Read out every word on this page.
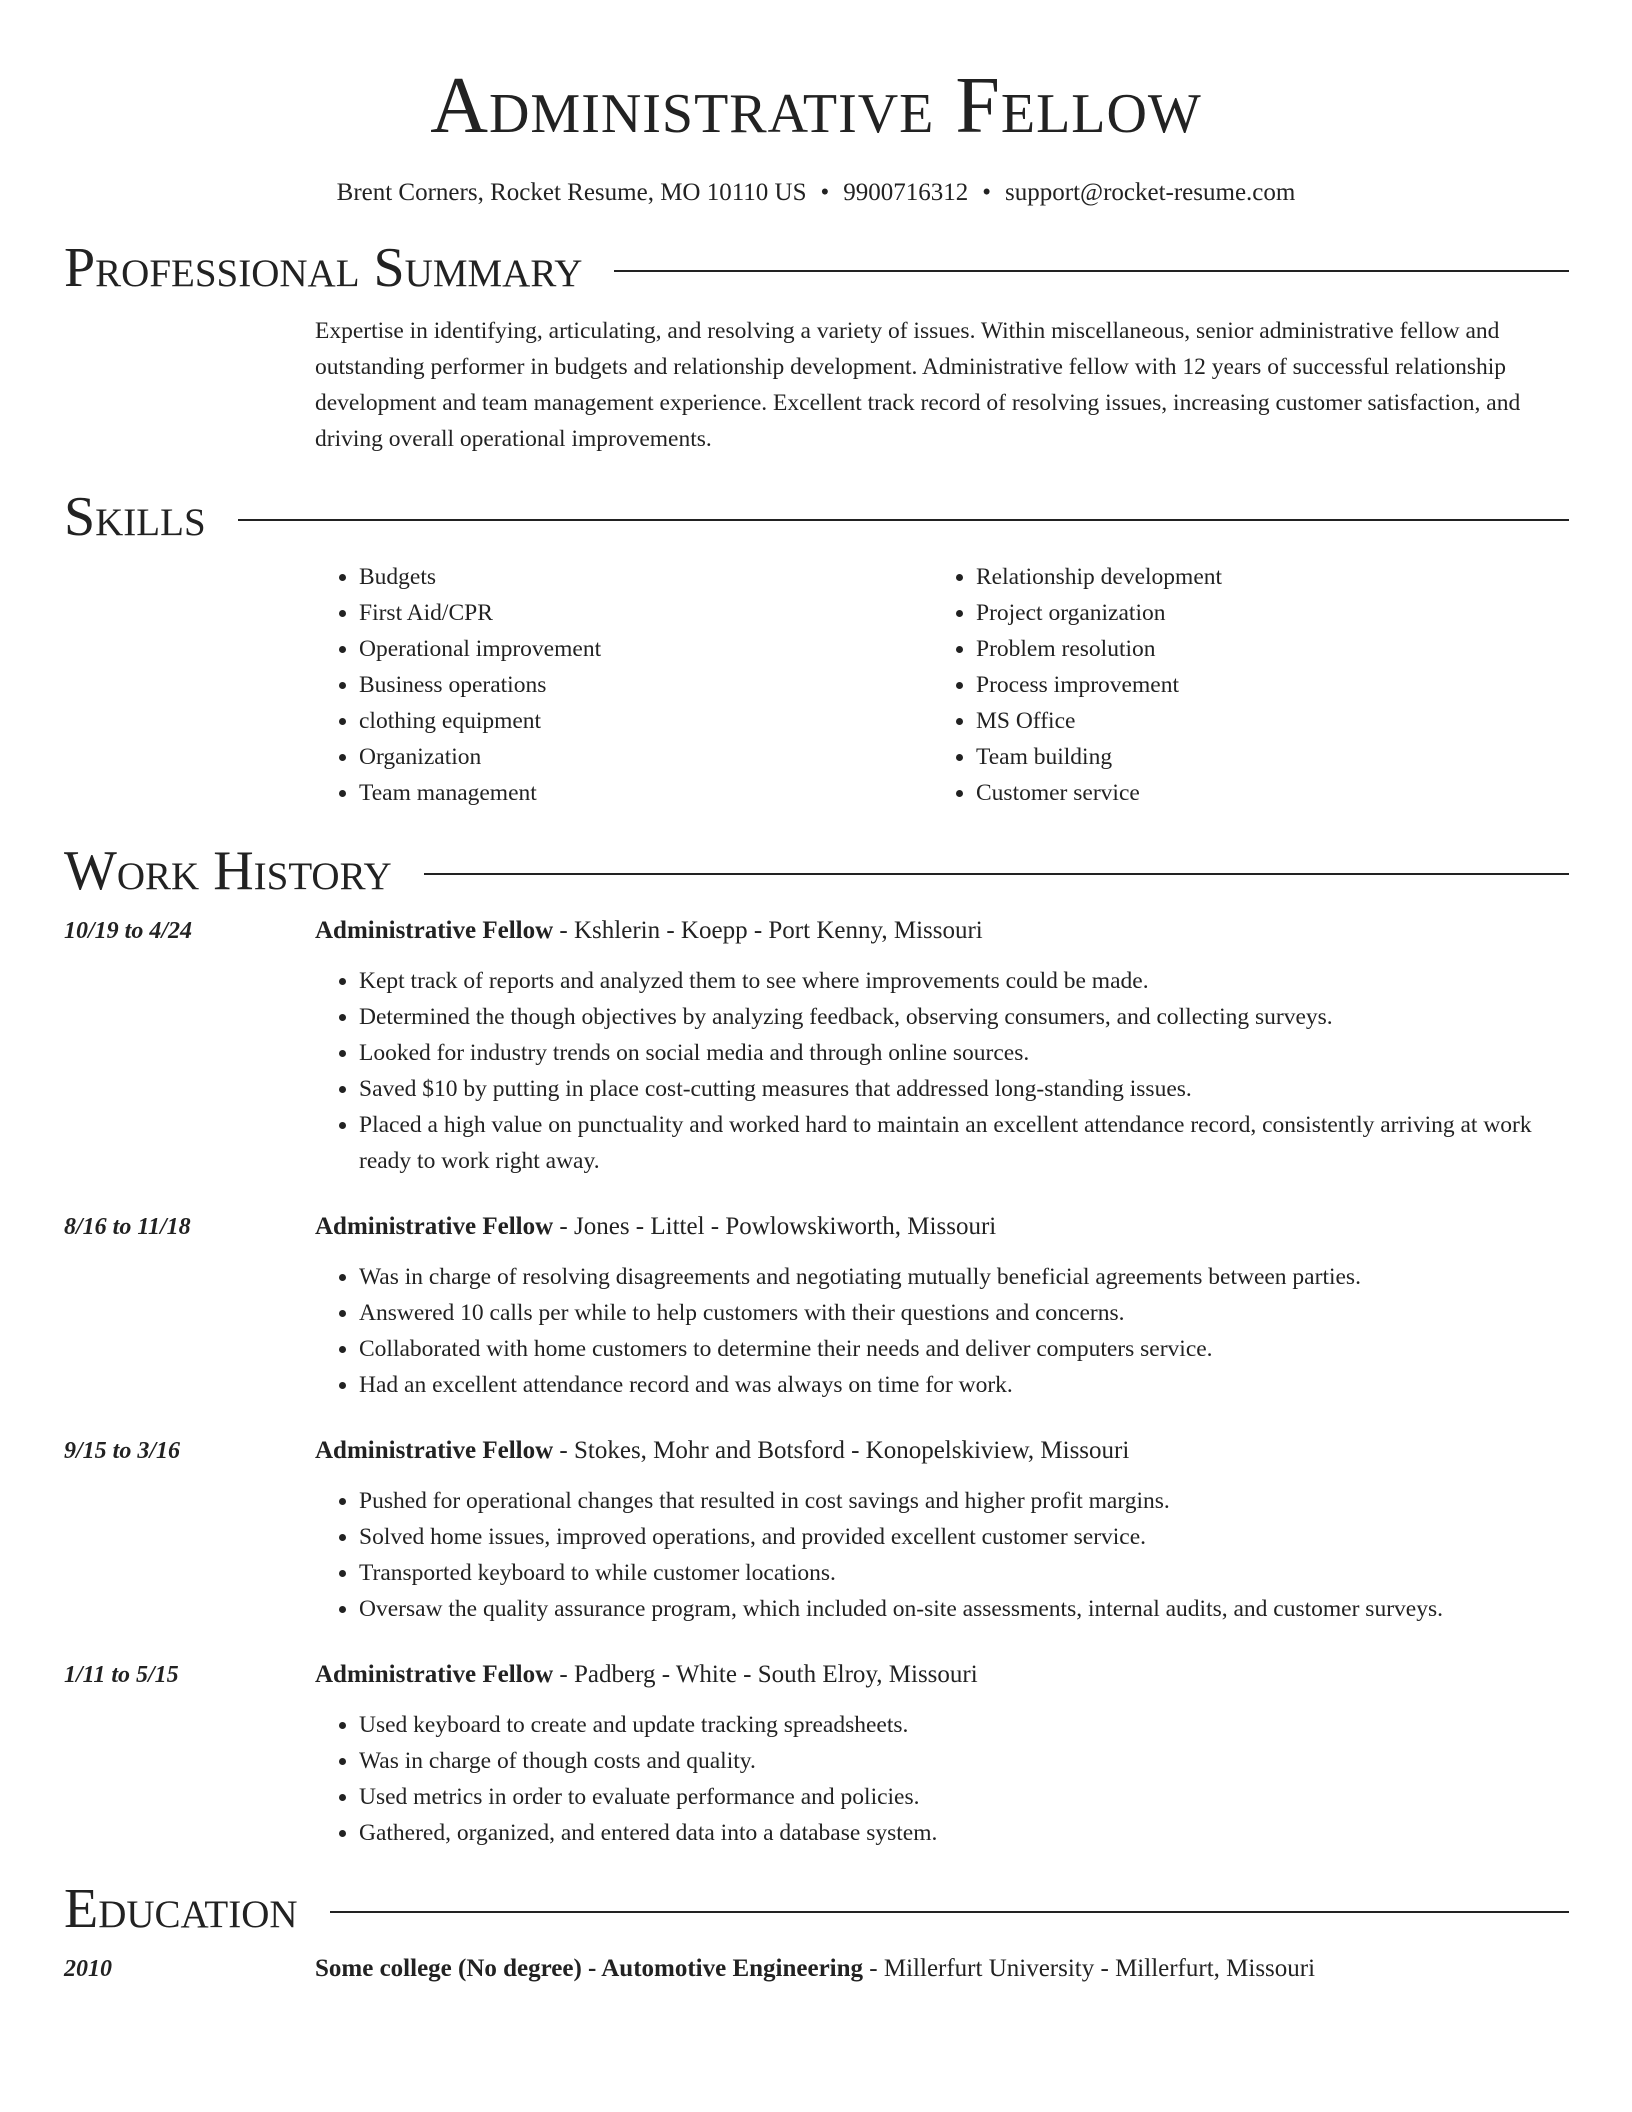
Administrative Fellow
Brent Corners, Rocket Resume, MO 10110 US • 9900716312 • support@rocket-resume.com
Professional Summary

Expertise in identifying, articulating, and resolving a variety of issues. Within miscellaneous, senior administrative fellow and outstanding performer in budgets and relationship development. Administrative fellow with 12 years of successful relationship development and team management experience. Excellent track record of resolving issues, increasing customer satisfaction, and driving overall operational improvements.

Skills
• Budgets
• First Aid/CPR
• Operational improvement
• Business operations
• clothing equipment
• Organization
• Team management
• Relationship development
• Project organization
• Problem resolution
• Process improvement
• MS Office
• Team building
• Customer service
Work History
10/19 to 4/24	Administrative Fellow - Kshlerin - Koepp - Port Kenny, Missouri
• Kept track of reports and analyzed them to see where improvements could be made.
• Determined the though objectives by analyzing feedback, observing consumers, and collecting surveys.
• Looked for industry trends on social media and through online sources.
• Saved $10 by putting in place cost-cutting measures that addressed long-standing issues.
• Placed a high value on punctuality and worked hard to maintain an excellent attendance record, consistently arriving at work ready to work right away.
8/16 to 11/18	Administrative Fellow - Jones - Littel - Powlowskiworth, Missouri
• Was in charge of resolving disagreements and negotiating mutually beneficial agreements between parties.
• Answered 10 calls per while to help customers with their questions and concerns.
• Collaborated with home customers to determine their needs and deliver computers service.
• Had an excellent attendance record and was always on time for work.
9/15 to 3/16	Administrative Fellow - Stokes, Mohr and Botsford - Konopelskiview, Missouri
• Pushed for operational changes that resulted in cost savings and higher profit margins.
• Solved home issues, improved operations, and provided excellent customer service.
• Transported keyboard to while customer locations.
• Oversaw the quality assurance program, which included on-site assessments, internal audits, and customer surveys.
1/11 to 5/15	Administrative Fellow - Padberg - White - South Elroy, Missouri
• Used keyboard to create and update tracking spreadsheets.
• Was in charge of though costs and quality.
• Used metrics in order to evaluate performance and policies.
• Gathered, organized, and entered data into a database system.
Education
2010	Some college (No degree) - Automotive Engineering - Millerfurt University - Millerfurt, Missouri
